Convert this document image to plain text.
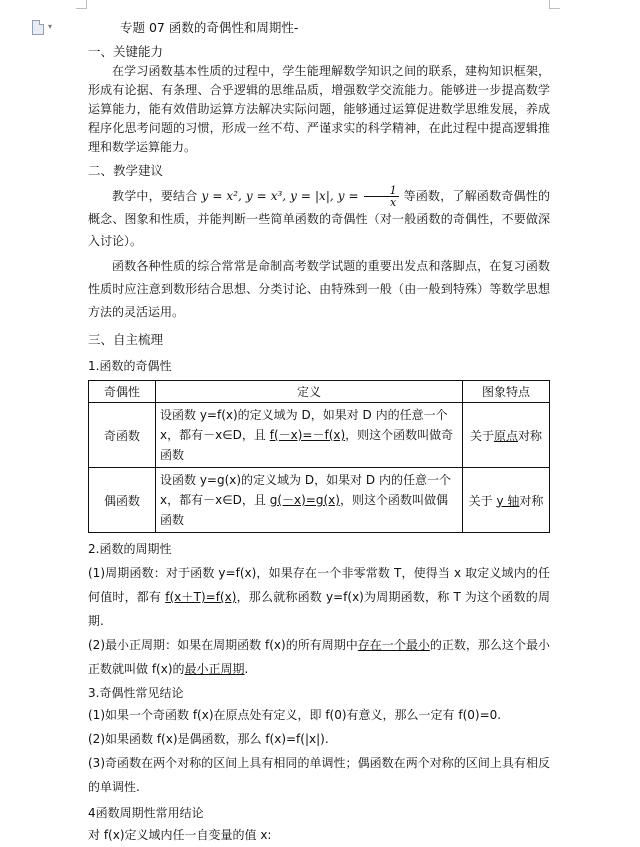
▾	专题 07 函数的奇偶性和周期性-
一、关键能力
在学习函数基本性质的过程中，学生能理解数学知识之间的联系，建构知识框架，形成有论据、有条理、合乎逻辑的思维品质，增强数学交流能力。能够进一步提高数学运算能力，能有效借助运算方法解决实际问题，能够通过运算促进数学思维发展，养成程序化思考问题的习惯，形成一丝不苟、严谨求实的科学精神，在此过程中提高逻辑推理和数学运算能力。
二、教学建议
教学中，要结合 y = x², y = x³, y = |x|, $y = \frac{1}{x}$ 等函数，了解函数奇偶性的概念、图象和性质，并能判断一些简单函数的奇偶性（对一般函数的奇偶性，不要做深入讨论）。
函数各种性质的综合常常是命制高考数学试题的重要出发点和落脚点，在复习函数性质时应注意到数形结合思想、分类讨论、由特殊到一般（由一般到特殊）等数学思想方法的灵活运用。
三、自主梳理
1.函数的奇偶性
奇偶性	定义	图象特点
奇函数	设函数 y=f(x)的定义域为 D，如果对 D 内的任意一个 x，都有－x∈D，且 f(－x)=－f(x)，则这个函数叫做奇函数	关于原点对称
偶函数	设函数 y=g(x)的定义域为 D，如果对 D 内的任意一个 x，都有－x∈D，且 g(－x)=g(x)，则这个函数叫做偶函数	关于 y 轴对称
2.函数的周期性
(1)周期函数：对于函数 y=f(x)，如果存在一个非零常数 T，使得当 x 取定义域内的任何值时，都有 f(x＋T)=f(x)，那么就称函数 y=f(x)为周期函数，称 T 为这个函数的周期.
(2)最小正周期：如果在周期函数 f(x)的所有周期中存在一个最小的正数，那么这个最小正数就叫做 f(x)的最小正周期.
3.奇偶性常见结论
(1)如果一个奇函数 f(x)在原点处有定义，即 f(0)有意义，那么一定有 f(0)=0.
(2)如果函数 f(x)是偶函数，那么 f(x)=f(|x|).
(3)奇函数在两个对称的区间上具有相同的单调性；偶函数在两个对称的区间上具有相反的单调性.
4函数周期性常用结论
对 f(x)定义域内任一自变量的值 x:
